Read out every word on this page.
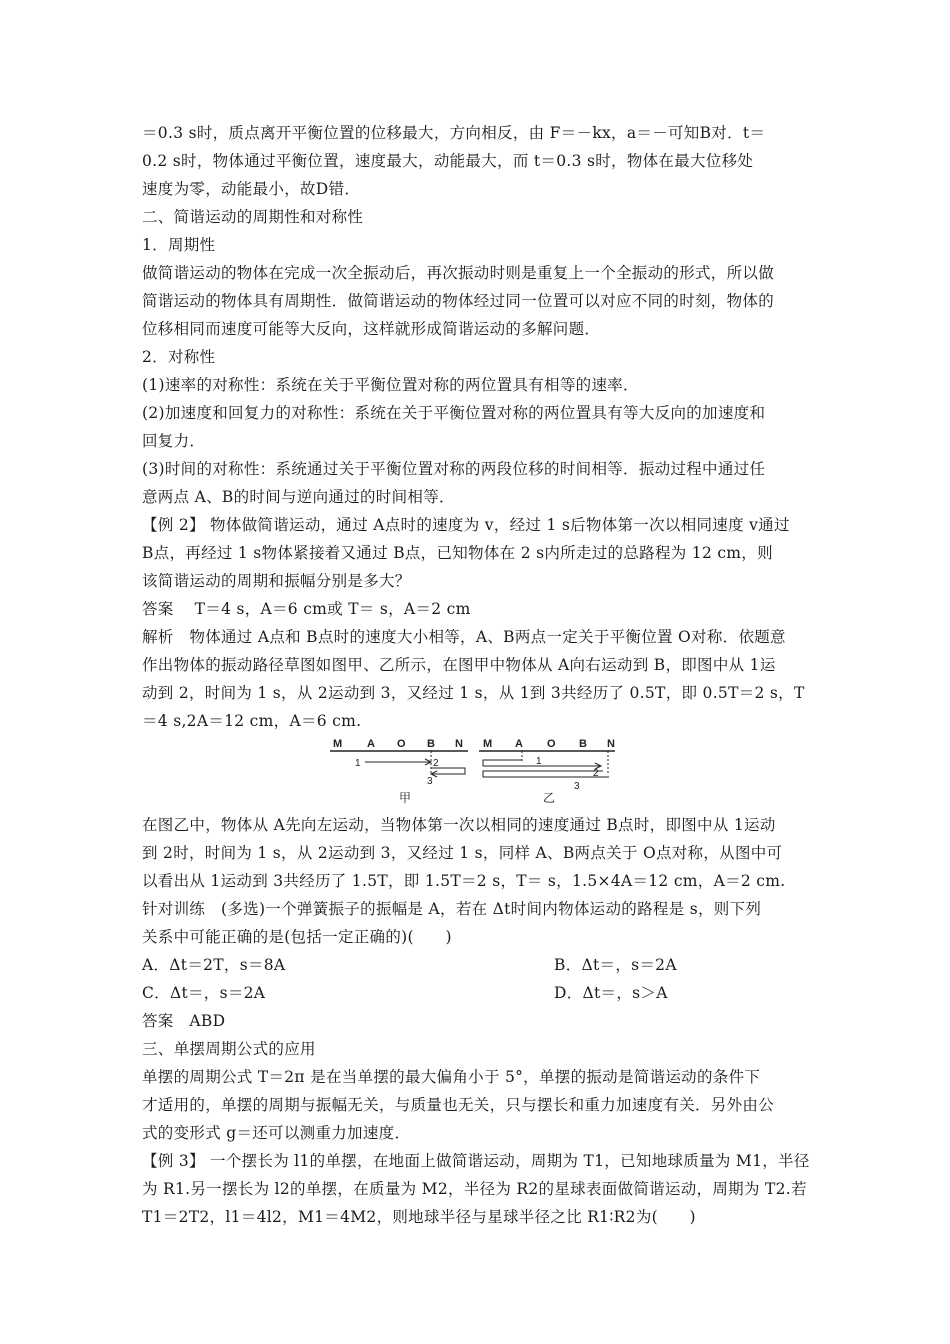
＝0.3 s时，质点离开平衡位置的位移最大，方向相反，由 F＝－kx，a＝－可知B对．t＝
0.2 s时，物体通过平衡位置，速度最大，动能最大，而 t＝0.3 s时，物体在最大位移处
速度为零，动能最小，故D错．
二、简谐运动的周期性和对称性
1．周期性
做简谐运动的物体在完成一次全振动后，再次振动时则是重复上一个全振动的形式，所以做
简谐运动的物体具有周期性．做简谐运动的物体经过同一位置可以对应不同的时刻，物体的
位移相同而速度可能等大反向，这样就形成简谐运动的多解问题．
2．对称性
(1)速率的对称性：系统在关于平衡位置对称的两位置具有相等的速率．
(2)加速度和回复力的对称性：系统在关于平衡位置对称的两位置具有等大反向的加速度和
回复力．
(3)时间的对称性：系统通过关于平衡位置对称的两段位移的时间相等．振动过程中通过任
意两点 A、B的时间与逆向通过的时间相等．
【例 2】 物体做简谐运动，通过 A点时的速度为 v，经过 1 s后物体第一次以相同速度 v通过
B点，再经过 1 s物体紧接着又通过 B点，已知物体在 2 s内所走过的总路程为 12 cm，则
该简谐运动的周期和振幅分别是多大？
答案　 T＝4 s，A＝6 cm或 T＝ s，A＝2 cm
解析　物体通过 A点和 B点时的速度大小相等，A、B两点一定关于平衡位置 O对称．依题意
作出物体的振动路径草图如图甲、乙所示，在图甲中物体从 A向右运动到 B，即图中从 1运
动到 2，时间为 1 s，从 2运动到 3，又经过 1 s，从 1到 3共经历了 0.5T，即 0.5T＝2 s，T
＝4 s,2A＝12 cm，A＝6 cm.
M A O B N M A O B N
1	2
3
1
2
3
甲	乙
在图乙中，物体从 A先向左运动，当物体第一次以相同的速度通过 B点时，即图中从 1运动
到 2时，时间为 1 s，从 2运动到 3，又经过 1 s，同样 A、B两点关于 O点对称，从图中可
以看出从 1运动到 3共经历了 1.5T，即 1.5T＝2 s，T＝ s，1.5×4A＝12 cm，A＝2 cm.
针对训练　(多选)一个弹簧振子的振幅是 A，若在 Δt时间内物体运动的路程是 s，则下列
关系中可能正确的是(包括一定正确的)(　　)
A．Δt＝2T，s＝8A	B．Δt＝，s＝2A
C．Δt＝，s＝2A	D．Δt＝，s＞A
答案　ABD
三、单摆周期公式的应用
单摆的周期公式 T＝2π 是在当单摆的最大偏角小于 5°，单摆的振动是简谐运动的条件下
才适用的，单摆的周期与振幅无关，与质量也无关，只与摆长和重力加速度有关．另外由公
式的变形式 g＝还可以测重力加速度．
【例 3】 一个摆长为 l1的单摆，在地面上做简谐运动，周期为 T1，已知地球质量为 M1，半径
为 R1.另一摆长为 l2的单摆，在质量为 M2，半径为 R2的星球表面做简谐运动，周期为 T2.若
T1＝2T2，l1＝4l2，M1＝4M2，则地球半径与星球半径之比 R1∶R2为(　　)
